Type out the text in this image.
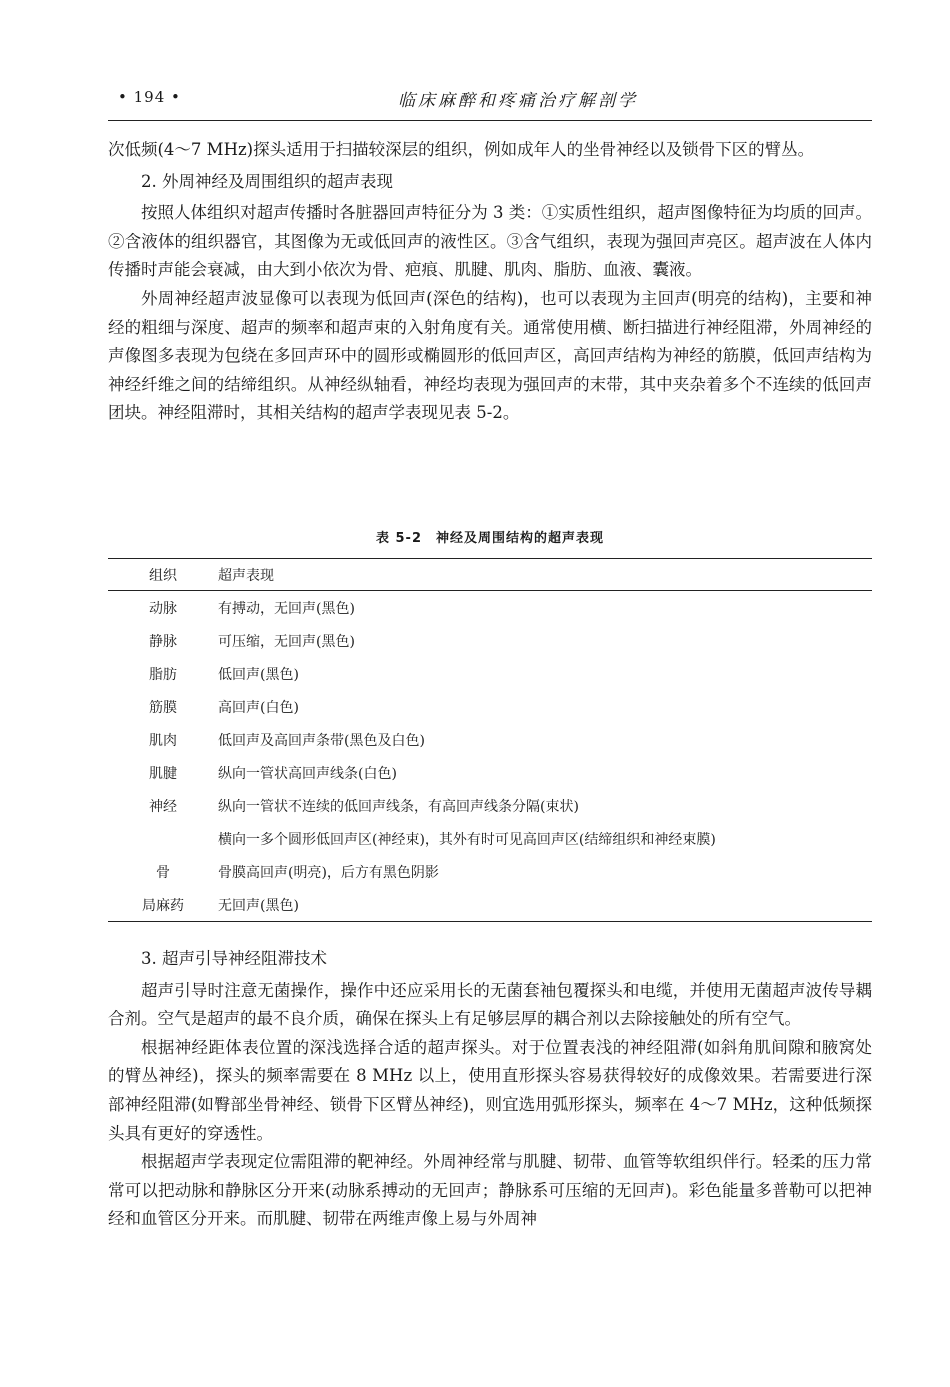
• 194 •	临床麻醉和疼痛治疗解剖学

次低频(4～7 MHz)探头适用于扫描较深层的组织，例如成年人的坐骨神经以及锁骨下区的臂丛。

2. 外周神经及周围组织的超声表现

按照人体组织对超声传播时各脏器回声特征分为 3 类：①实质性组织，超声图像特征为均质的回声。②含液体的组织器官，其图像为无或低回声的液性区。③含气组织，表现为强回声亮区。超声波在人体内传播时声能会衰减，由大到小依次为骨、疤痕、肌腱、肌肉、脂肪、血液、囊液。

外周神经超声波显像可以表现为低回声(深色的结构)，也可以表现为主回声(明亮的结构)，主要和神经的粗细与深度、超声的频率和超声束的入射角度有关。通常使用横、断扫描进行神经阻滞，外周神经的声像图多表现为包绕在多回声环中的圆形或椭圆形的低回声区，高回声结构为神经的筋膜，低回声结构为神经纤维之间的结缔组织。从神经纵轴看，神经均表现为强回声的末带，其中夹杂着多个不连续的低回声团块。神经阻滞时，其相关结构的超声学表现见表 5-2。

表 5-2　神经及周围结构的超声表现
组织	超声表现
动脉	有搏动，无回声(黑色)
静脉	可压缩，无回声(黑色)
脂肪	低回声(黑色)
筋膜	高回声(白色)
肌肉	低回声及高回声条带(黑色及白色)
肌腱	纵向一管状高回声线条(白色)
神经	纵向一管状不连续的低回声线条，有高回声线条分隔(束状)
	横向一多个圆形低回声区(神经束)，其外有时可见高回声区(结缔组织和神经束膜)
骨	骨膜高回声(明亮)，后方有黑色阴影
局麻药	无回声(黑色)

3. 超声引导神经阻滞技术

超声引导时注意无菌操作，操作中还应采用长的无菌套袖包覆探头和电缆，并使用无菌超声波传导耦合剂。空气是超声的最不良介质，确保在探头上有足够层厚的耦合剂以去除接触处的所有空气。

根据神经距体表位置的深浅选择合适的超声探头。对于位置表浅的神经阻滞(如斜角肌间隙和腋窝处的臂丛神经)，探头的频率需要在 8 MHz 以上，使用直形探头容易获得较好的成像效果。若需要进行深部神经阻滞(如臀部坐骨神经、锁骨下区臂丛神经)，则宜选用弧形探头，频率在 4～7 MHz，这种低频探头具有更好的穿透性。

根据超声学表现定位需阻滞的靶神经。外周神经常与肌腱、韧带、血管等软组织伴行。轻柔的压力常常可以把动脉和静脉区分开来(动脉系搏动的无回声；静脉系可压缩的无回声)。彩色能量多普勒可以把神经和血管区分开来。而肌腱、韧带在两维声像上易与外周神
